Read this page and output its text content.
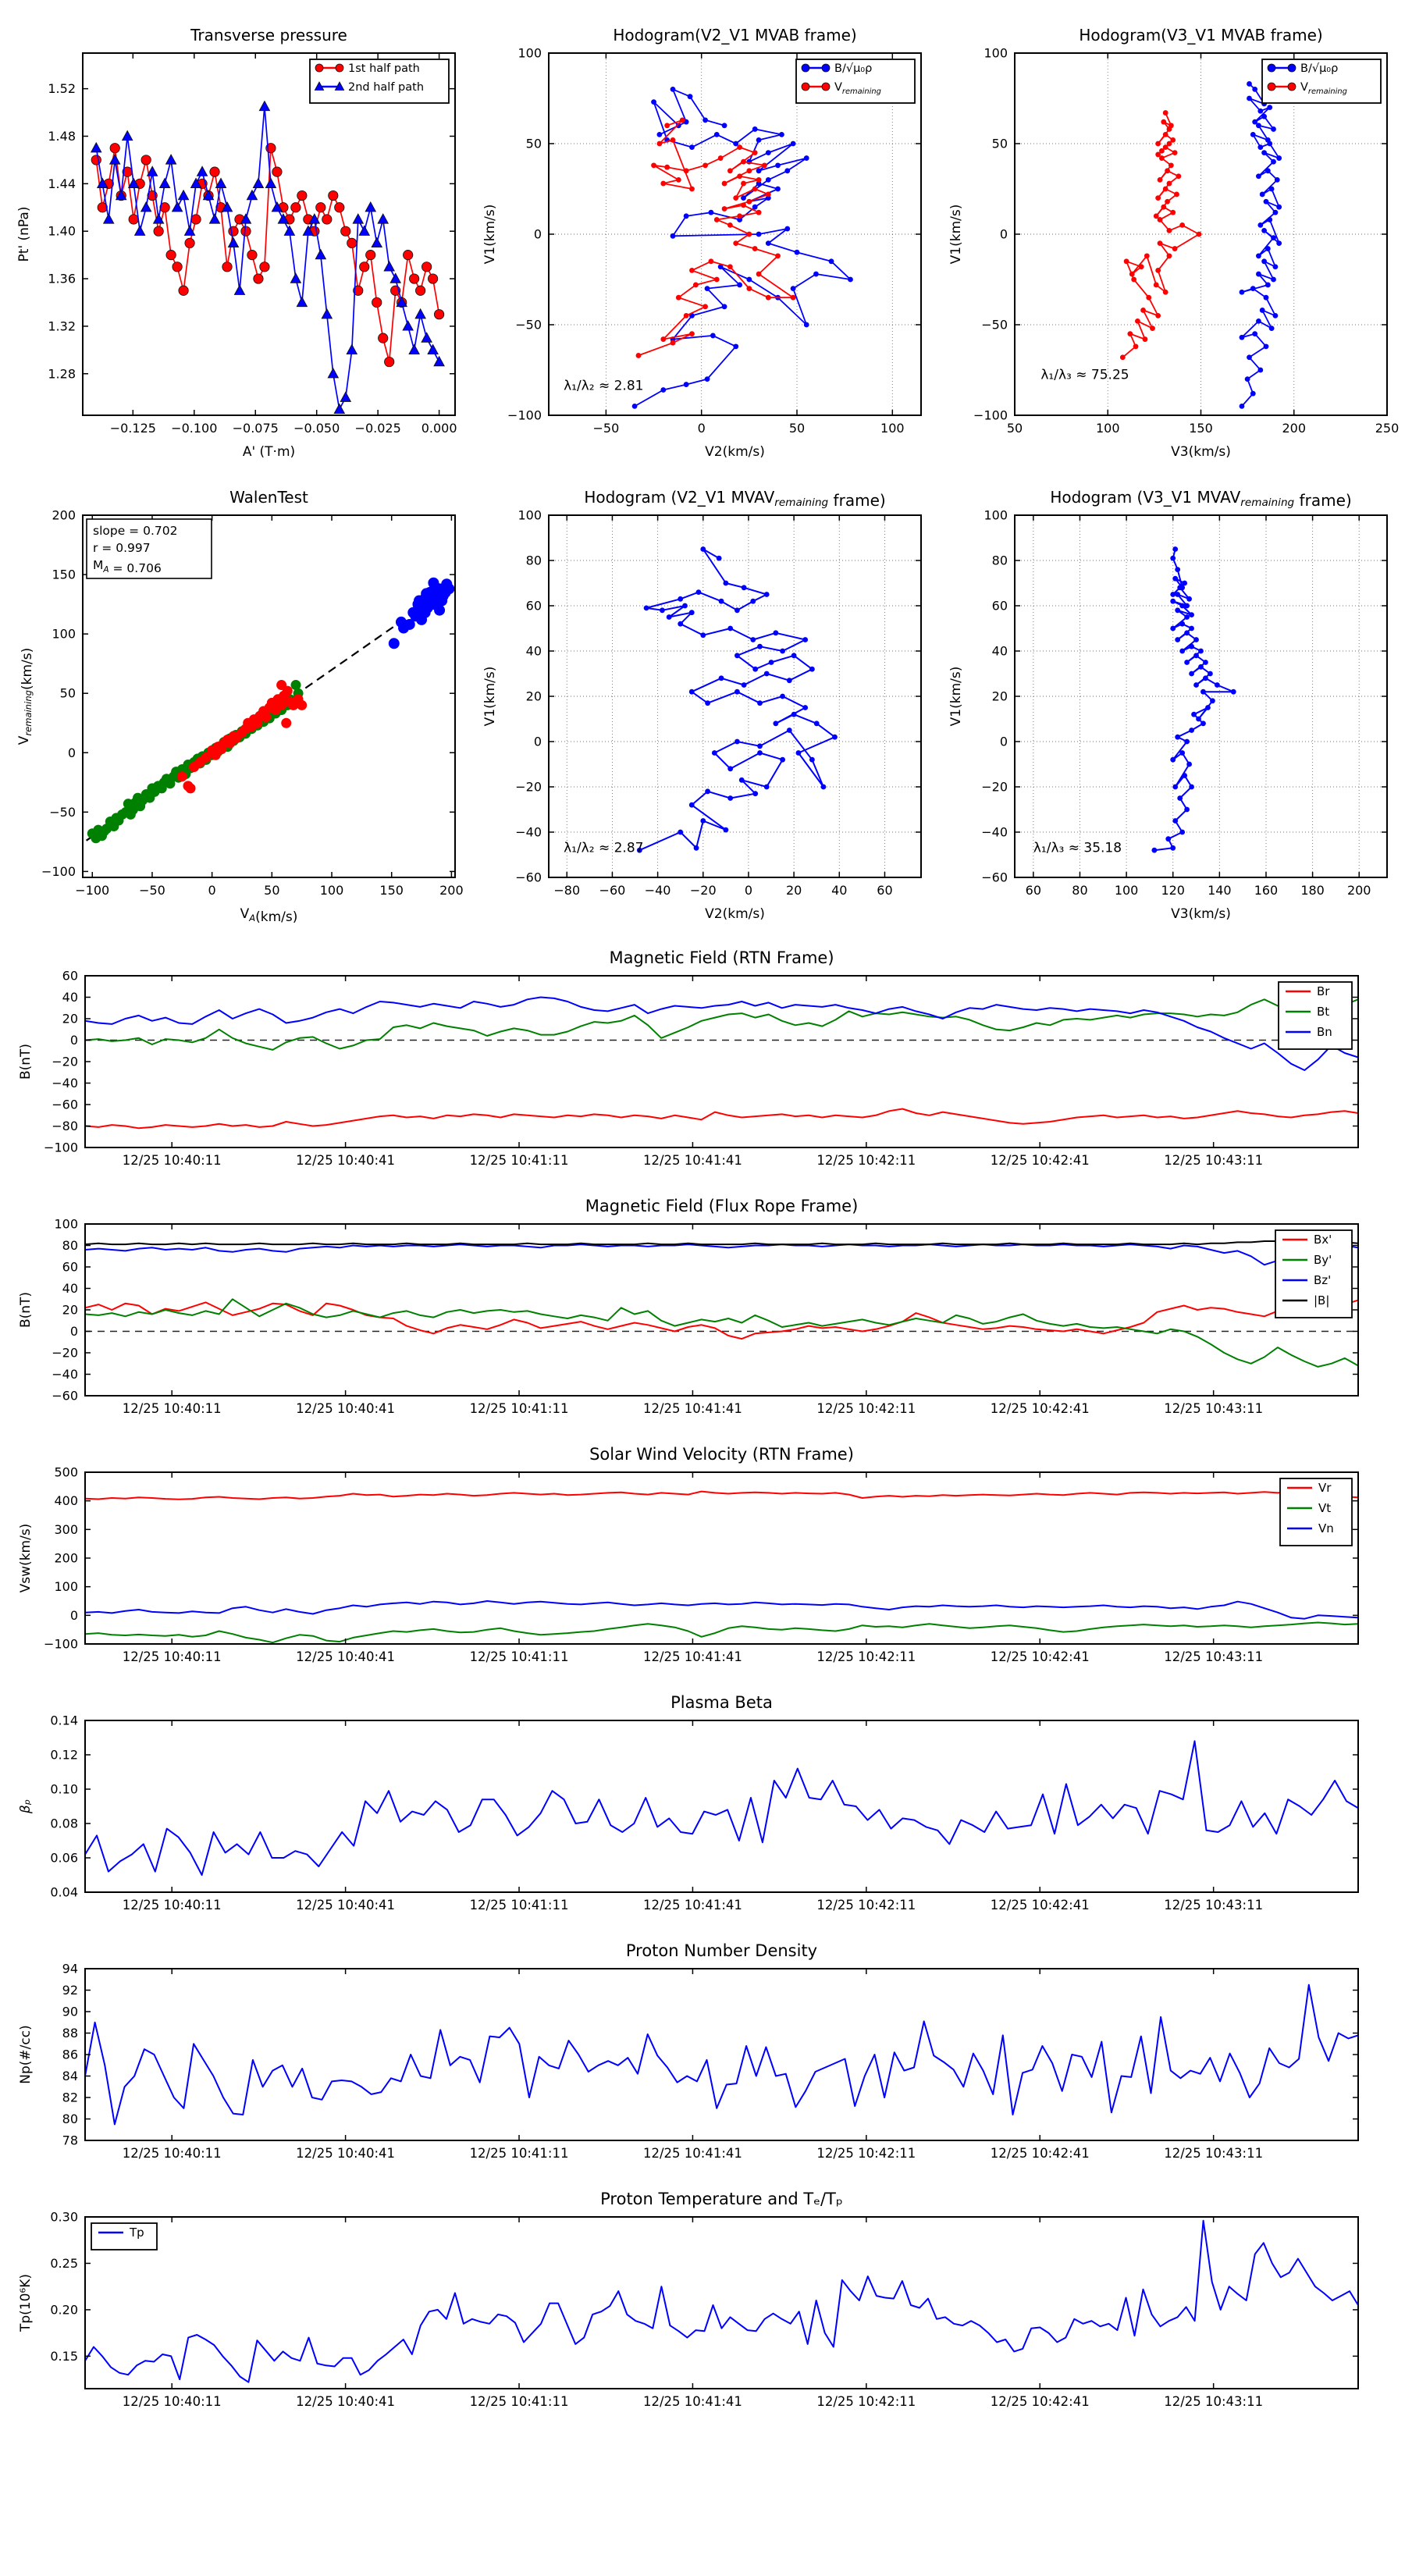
−0.125 −0.100 −0.075 −0.050 −0.025 0.000
1.28
1.32
1.36
1.40
1.44
1.48
1.52
Transverse pressure
A' (T·m)
Pt' (nPa)
1st half path
2nd half path
−50	0	50	100
−100
−50
0
50
100
Hodogram(V2_V1 MVAB frame)
V2(km/s)
V1(km/s)
λ₁/λ₂ ≈ 2.81
B/√μ₀ρ
$V_{remaining}$
50	100	150	200	250
−100
−50
0
50
100
Hodogram(V3_V1 MVAB frame)
V3(km/s)
V1(km/s)
λ₁/λ₃ ≈ 75.25
B/√μ₀ρ
$V_{remaining}$
−100 −50	0	50	100	150	200
−100
−50
0
50
100
150
200
WalenTest
$V_A(km/s)$
$V_{remaining}(km/s)$
slope = 0.702
r = 0.997
$M_A = 0.706$
−80 −60 −40 −20 0	20 40 60
−60
−40
−20
0
20
40
60
80
100
Hodogram (V2_V1 $MVAV_{remaining}$ frame)
V2(km/s)
V1(km/s)
λ₁/λ₂ ≈ 2.87
60 80 100 120 140 160 180 200
−60
−40
−20
0
20
40
60
80
100
Hodogram (V3_V1 $MVAV_{remaining}$ frame)
V3(km/s)
V1(km/s)
λ₁/λ₃ ≈ 35.18
12/25 10:40:11	12/25 10:40:41	12/25 10:41:11	12/25 10:41:41	12/25 10:42:11	12/25 10:42:41	12/25 10:43:11
−100
−80
−60
−40
−20
0
20
40
60
Magnetic Field (RTN Frame)
B(nT)
Br
Bt
Bn
12/25 10:40:11	12/25 10:40:41	12/25 10:41:11	12/25 10:41:41	12/25 10:42:11	12/25 10:42:41	12/25 10:43:11
−60
−40
−20
0
20
40
60
80
100
Magnetic Field (Flux Rope Frame)
B(nT)
Bx'
By'
Bz'
|B|
12/25 10:40:11	12/25 10:40:41	12/25 10:41:11	12/25 10:41:41	12/25 10:42:11	12/25 10:42:41	12/25 10:43:11
−100
0
100
200
300
400
500
Solar Wind Velocity (RTN Frame)
Vsw(km/s)
Vr
Vt
Vn
12/25 10:40:11	12/25 10:40:41	12/25 10:41:11	12/25 10:41:41	12/25 10:42:11	12/25 10:42:41	12/25 10:43:11
0.04
0.06
0.08
0.10
0.12
0.14
Plasma Beta
βₚ
12/25 10:40:11	12/25 10:40:41	12/25 10:41:11	12/25 10:41:41	12/25 10:42:11	12/25 10:42:41	12/25 10:43:11
78
80
82
84
86
88
90
92
94
Proton Number Density
Np(#/cc)
12/25 10:40:11	12/25 10:40:41	12/25 10:41:11	12/25 10:41:41	12/25 10:42:11	12/25 10:42:41	12/25 10:43:11
0.15
0.20
0.25
0.30
Proton Temperature and Tₑ/Tₚ
Tp(10⁶K)
Tp
